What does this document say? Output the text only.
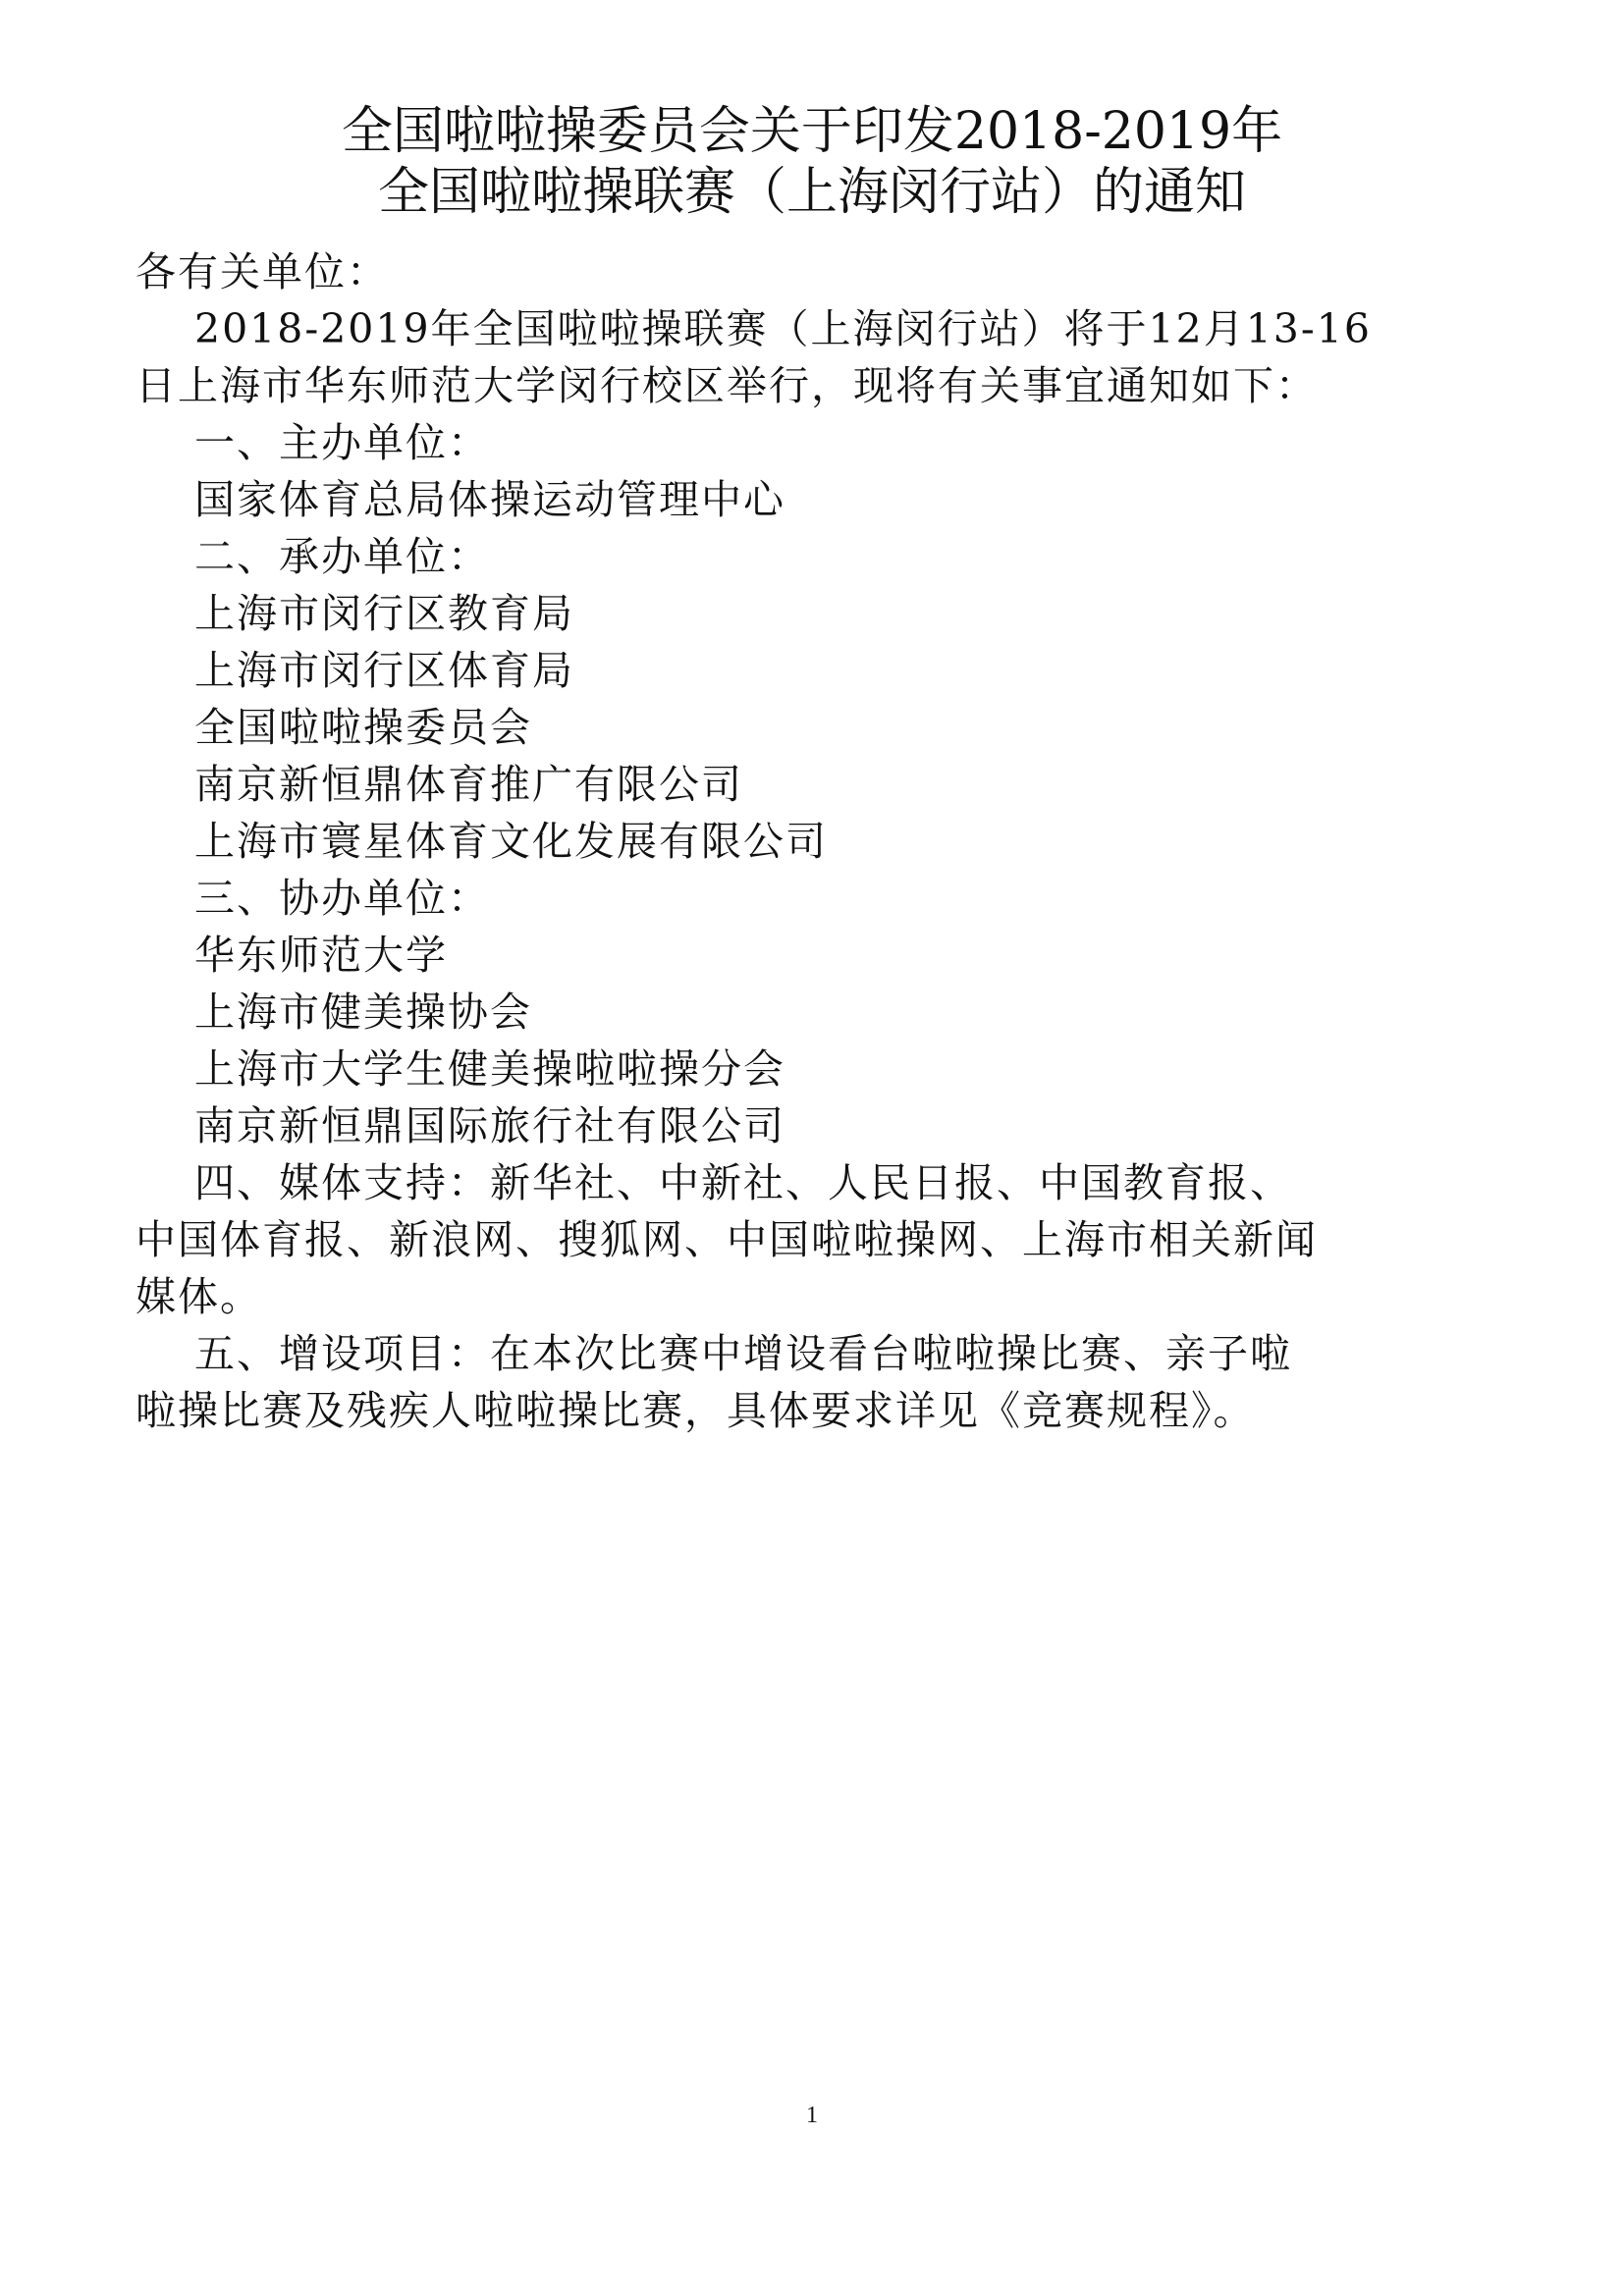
全国啦啦操委员会关于印发2018-2019年
全国啦啦操联赛（上海闵行站）的通知
各有关单位：
2018-2019年全国啦啦操联赛（上海闵行站）将于12月13-16
日上海市华东师范大学闵行校区举行，现将有关事宜通知如下：
一、主办单位：
国家体育总局体操运动管理中心
二、承办单位：
上海市闵行区教育局
上海市闵行区体育局
全国啦啦操委员会
南京新恒鼎体育推广有限公司
上海市寰星体育文化发展有限公司
三、协办单位：
华东师范大学
上海市健美操协会
上海市大学生健美操啦啦操分会
南京新恒鼎国际旅行社有限公司
四、媒体支持：新华社、中新社、人民日报、中国教育报、
中国体育报、新浪网、搜狐网、中国啦啦操网、上海市相关新闻
媒体。
五、增设项目：在本次比赛中增设看台啦啦操比赛、亲子啦
啦操比赛及残疾人啦啦操比赛，具体要求详见《竞赛规程》。
1
